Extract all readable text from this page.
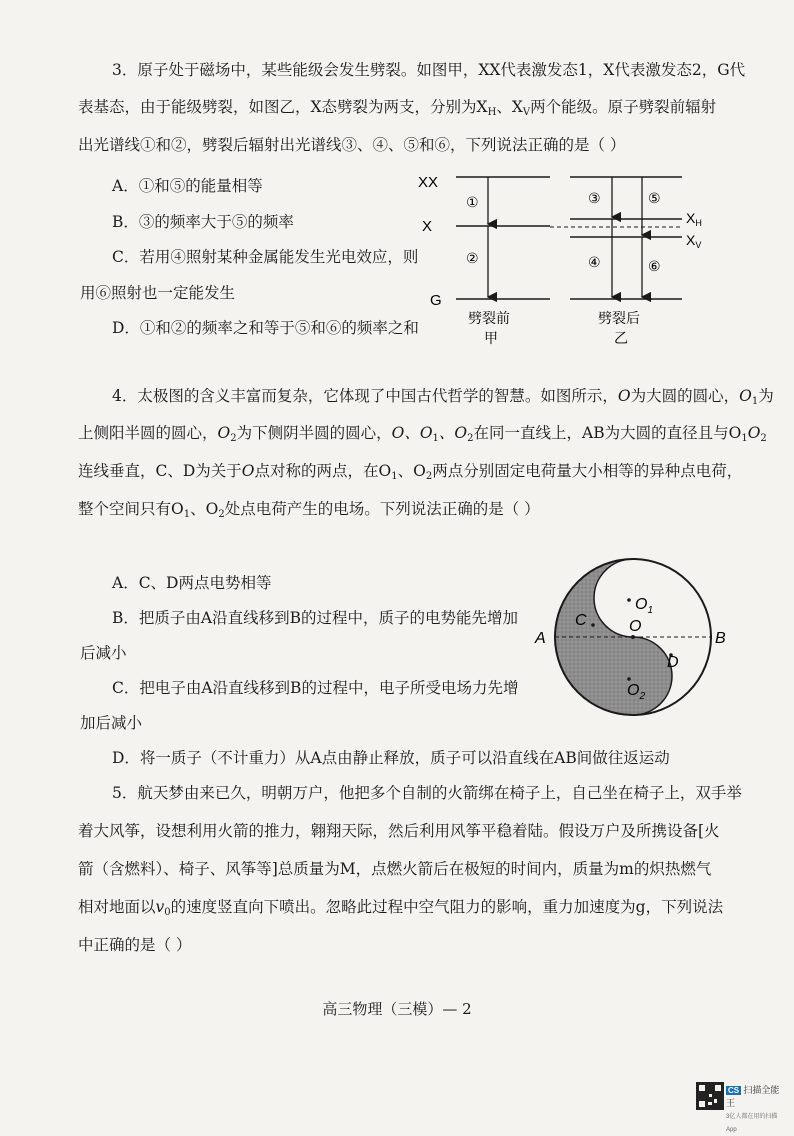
3．原子处于磁场中，某些能级会发生劈裂。如图甲，XX代表激发态1，X代表激发态2，G代
表基态，由于能级劈裂，如图乙，X态劈裂为两支，分别为$X_H$、$X_V$两个能级。原子劈裂前辐射
出光谱线①和②，劈裂后辐射出光谱线③、④、⑤和⑥，下列说法正确的是（ ）
A．①和⑤的能量相等
B．③的频率大于⑤的频率
C．若用④照射某种金属能发生光电效应，则
用⑥照射也一定能发生
D．①和②的频率之和等于⑤和⑥的频率之和
XX
X
G
①
②
$X_H$
$X_V$
③	⑤
④	⑥
劈裂前
甲
劈裂后
乙
4．太极图的含义丰富而复杂，它体现了中国古代哲学的智慧。如图所示，O为大圆的圆心，$O_1$为
上侧阳半圆的圆心，$O_2$为下侧阴半圆的圆心，O、$O_1$、$O_2$在同一直线上，AB为大圆的直径且与$O_1O_2$
连线垂直，C、D为关于O点对称的两点，在$O_1$、$O_2$两点分别固定电荷量大小相等的异种点电荷，
整个空间只有$O_1$、$O_2$处点电荷产生的电场。下列说法正确的是（ ）
A．C、D两点电势相等
B．把质子由A沿直线移到B的过程中，质子的电势能先增加
后减小
C．把电子由A沿直线移到B的过程中，电子所受电场力先增
加后减小
D．将一质子（不计重力）从A点由静止释放，质子可以沿直线在AB间做往返运动
A	B
C
D
O
$O_1$
$O_2$
5．航天梦由来已久，明朝万户，他把多个自制的火箭绑在椅子上，自己坐在椅子上，双手举
着大风筝，设想利用火箭的推力，翱翔天际，然后利用风筝平稳着陆。假设万户及所携设备[火
箭（含燃料）、椅子、风筝等]总质量为M，点燃火箭后在极短的时间内，质量为m的炽热燃气
相对地面以$v_0$的速度竖直向下喷出。忽略此过程中空气阻力的影响，重力加速度为g，下列说法
中正确的是（ ）
高三物理（三模）— 2
CS 扫描全能王
3亿人都在用的扫描App
